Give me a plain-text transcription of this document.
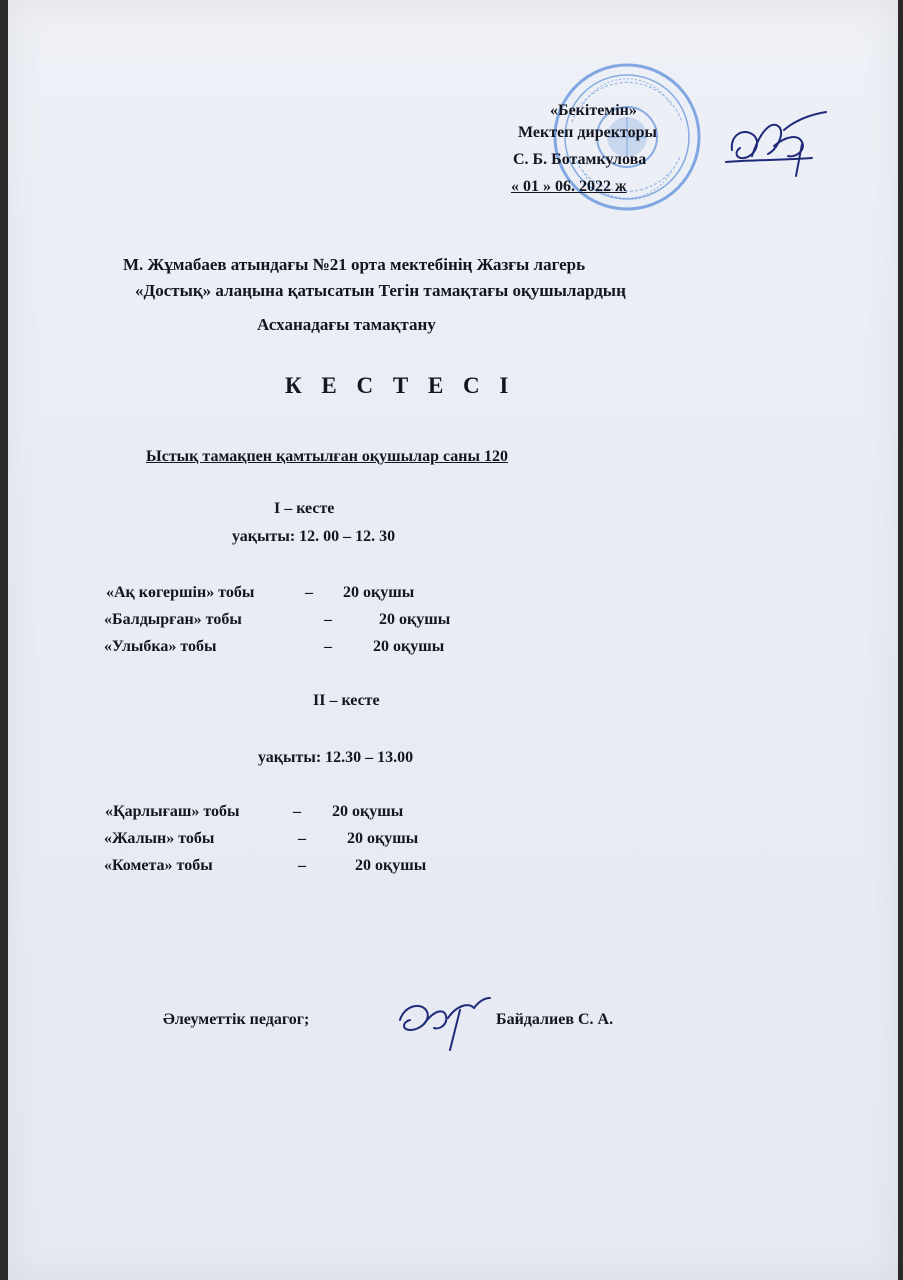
«Бекітемін»
Мектеп директоры
С. Б. Ботамкулова
« 01 » 06. 2022 ж
М. Жұмабаев атындағы №21 орта мектебінің Жазғы лагерь
«Достық» алаңына қатысатын Тегін тамақтағы оқушылардың
Асханадағы тамақтану
К Е С Т Е С І
Ыстық тамақпен қамтылған оқушылар саны 120
I – кесте
уақыты: 12. 00 – 12. 30
«Ақ көгершін» тобы	– 20 оқушы
«Балдырған» тобы	–	20 оқушы
«Улыбка» тобы	–	20 оқушы
II – кесте
уақыты: 12.30 – 13.00
«Қарлығаш» тобы	– 20 оқушы
«Жалын» тобы	–	20 оқушы
«Комета» тобы	–	20 оқушы
Әлеуметтік педагог;	Байдалиев С. А.
